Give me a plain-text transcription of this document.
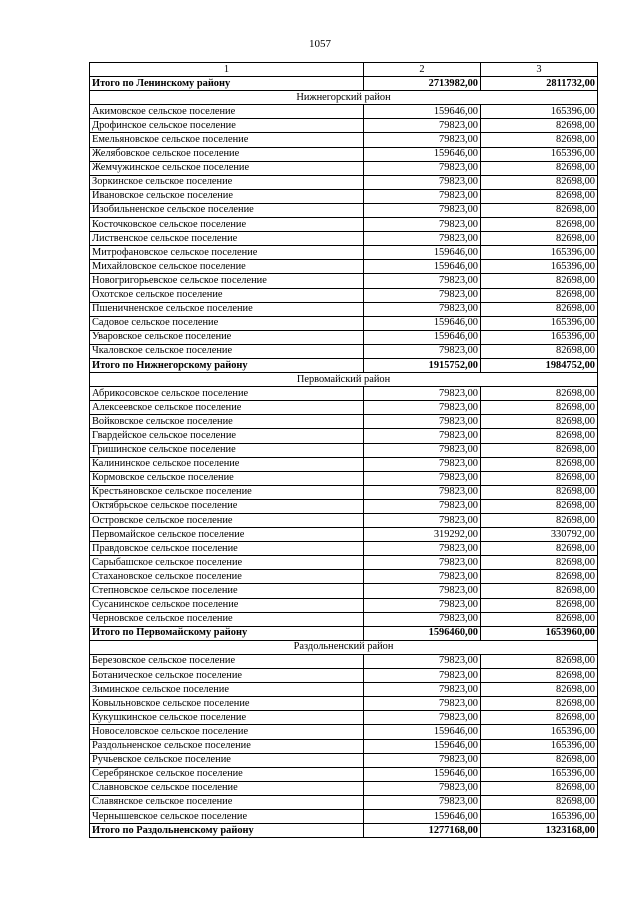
1057
1	2	3
Итого по Ленинскому району	2713982,00	2811732,00
Нижнегорский район		
Акимовское сельское поселение	159646,00	165396,00
Дрофинское сельское поселение	79823,00	82698,00
Емельяновское сельское поселение	79823,00	82698,00
Желябовское сельское поселение	159646,00	165396,00
Жемчужинское сельское поселение	79823,00	82698,00
Зоркинское сельское поселение	79823,00	82698,00
Ивановское сельское поселение	79823,00	82698,00
Изобильненское сельское поселение	79823,00	82698,00
Косточковское сельское поселение	79823,00	82698,00
Лиственское сельское поселение	79823,00	82698,00
Митрофановское сельское поселение	159646,00	165396,00
Михайловское сельское поселение	159646,00	165396,00
Новогригорьевское сельское поселение	79823,00	82698,00
Охотское сельское поселение	79823,00	82698,00
Пшеничненское сельское поселение	79823,00	82698,00
Садовое сельское поселение	159646,00	165396,00
Уваровское сельское поселение	159646,00	165396,00
Чкаловское сельское поселение	79823,00	82698,00
Итого по Нижнегорскому району	1915752,00	1984752,00
Первомайский район		
Абрикосовское сельское поселение	79823,00	82698,00
Алексеевское сельское поселение	79823,00	82698,00
Войковское сельское поселение	79823,00	82698,00
Гвардейское сельское поселение	79823,00	82698,00
Гришинское сельское поселение	79823,00	82698,00
Калининское сельское поселение	79823,00	82698,00
Кормовское сельское поселение	79823,00	82698,00
Крестьяновское сельское поселение	79823,00	82698,00
Октябрьское сельское поселение	79823,00	82698,00
Островское сельское поселение	79823,00	82698,00
Первомайское сельское поселение	319292,00	330792,00
Правдовское сельское поселение	79823,00	82698,00
Сарыбашское сельское поселение	79823,00	82698,00
Стахановское сельское поселение	79823,00	82698,00
Степновское сельское поселение	79823,00	82698,00
Сусанинское сельское поселение	79823,00	82698,00
Черновское сельское поселение	79823,00	82698,00
Итого по Первомайскому району	1596460,00	1653960,00
Раздольненский район		
Березовское сельское поселение	79823,00	82698,00
Ботаническое сельское поселение	79823,00	82698,00
Зиминское сельское поселение	79823,00	82698,00
Ковыльновское сельское поселение	79823,00	82698,00
Кукушкинское сельское поселение	79823,00	82698,00
Новоселовское сельское поселение	159646,00	165396,00
Раздольненское сельское поселение	159646,00	165396,00
Ручьевское сельское поселение	79823,00	82698,00
Серебрянское сельское поселение	159646,00	165396,00
Славновское сельское поселение	79823,00	82698,00
Славянское сельское поселение	79823,00	82698,00
Чернышевское сельское поселение	159646,00	165396,00
Итого по Раздольненскому району	1277168,00	1323168,00
